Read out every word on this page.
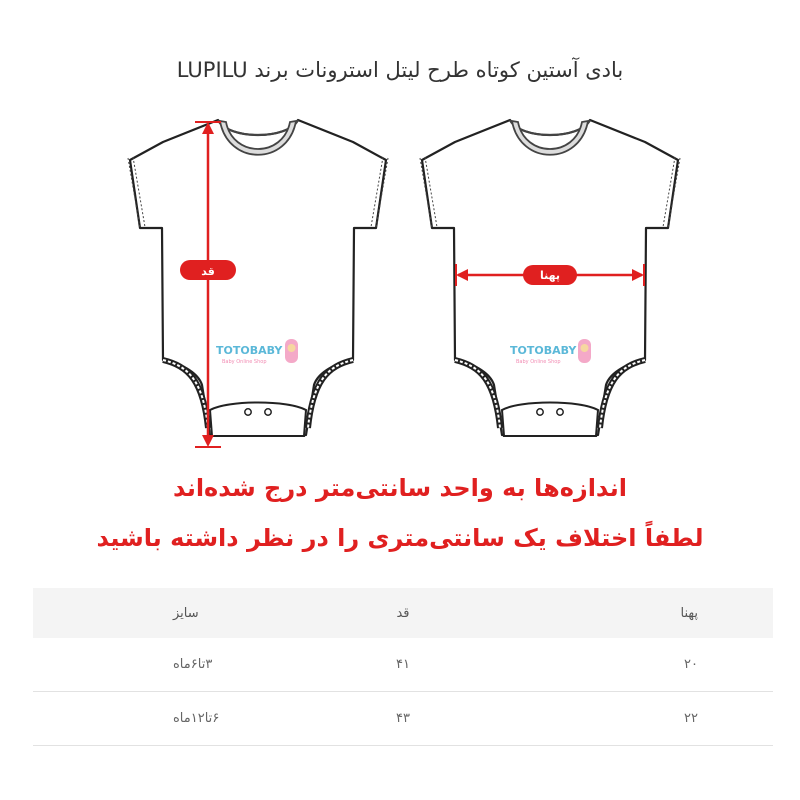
بادی آستین کوتاه طرح لیتل استرونات برند LUPILU
قد	پهنا
TOTOBABY
Baby Online Shop
TOTOBABY
Baby Online Shop
اندازه‌ها به واحد سانتی‌متر درج شده‌اند
لطفاً اختلاف یک سانتی‌متری را در نظر داشته باشید
پهنا	قد	سایز
۲۰	۴۱	۳تا۶ماه
۲۲	۴۳	۶تا۱۲ماه
